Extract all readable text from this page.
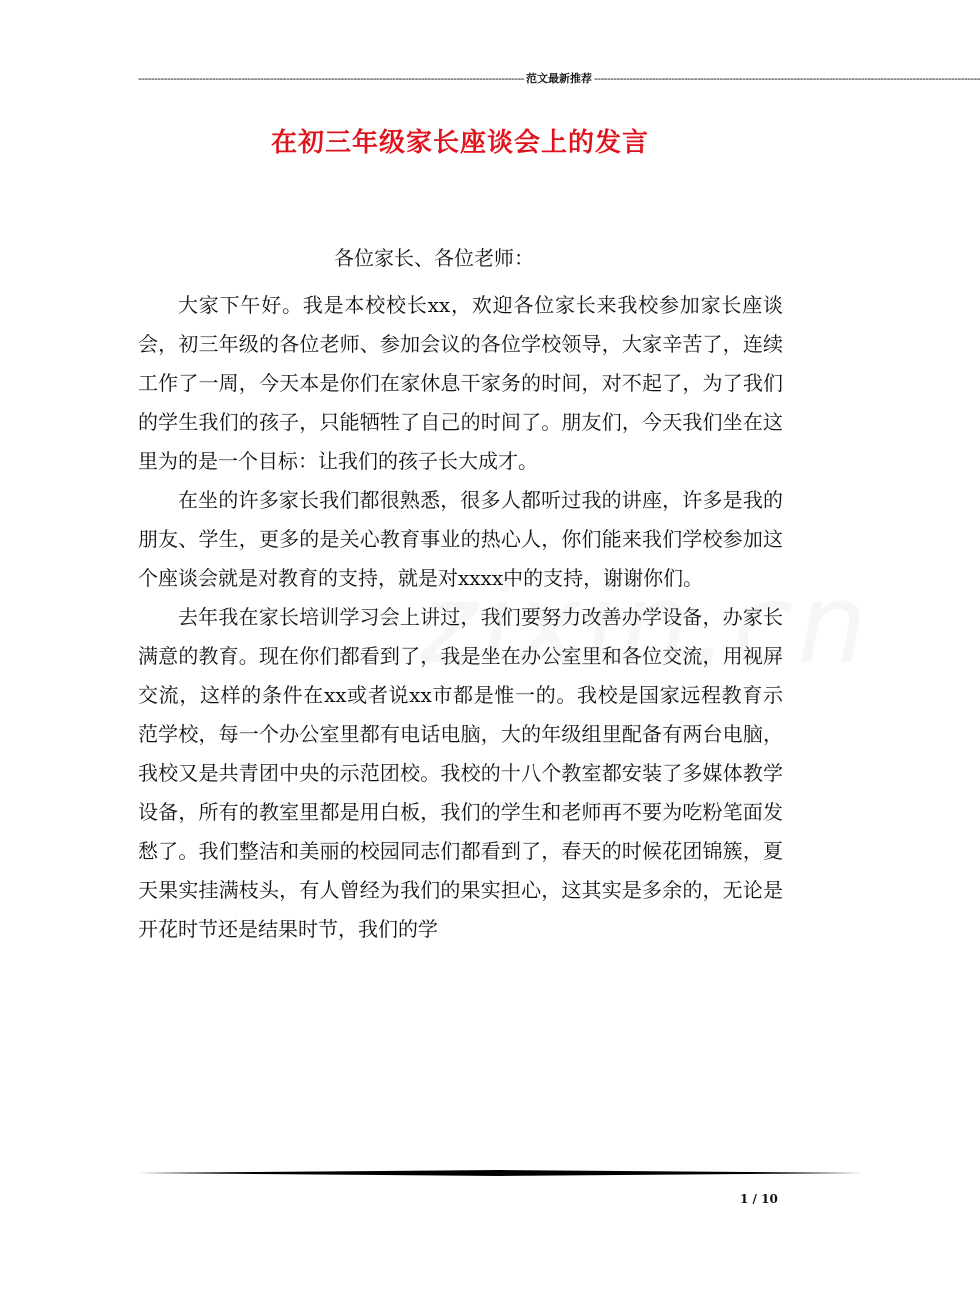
------------------------------------------------------------------------------------------------------------------------ 范文最新推荐 ------------------------------------------------------------------------------------------------------------------------
在初三年级家长座谈会上的发言
各位家长、各位老师：

大家下午好。我是本校校长xx，欢迎各位家长来我校参加家长座谈会，初三年级的各位老师、参加会议的各位学校领导，大家辛苦了，连续工作了一周，今天本是你们在家休息干家务的时间，对不起了，为了我们的学生我们的孩子，只能牺牲了自己的时间了。朋友们，今天我们坐在这里为的是一个目标：让我们的孩子长大成才。

在坐的许多家长我们都很熟悉，很多人都听过我的讲座，许多是我的朋友、学生，更多的是关心教育事业的热心人，你们能来我们学校参加这个座谈会就是对教育的支持，就是对xxxx中的支持，谢谢你们。

去年我在家长培训学习会上讲过，我们要努力改善办学设备，办家长满意的教育。现在你们都看到了，我是坐在办公室里和各位交流，用视屏交流，这样的条件在xx或者说xx市都是惟一的。我校是国家远程教育示范学校，每一个办公室里都有电话电脑，大的年级组里配备有两台电脑，我校又是共青团中央的示范团校。我校的十八个教室都安装了多媒体教学设备，所有的教室里都是用白板，我们的学生和老师再不要为吃粉笔面发愁了。我们整洁和美丽的校园同志们都看到了，春天的时候花团锦簇，夏天果实挂满枝头，有人曾经为我们的果实担心，这其实是多余的，无论是开花时节还是结果时节，我们的学

1 / 10
